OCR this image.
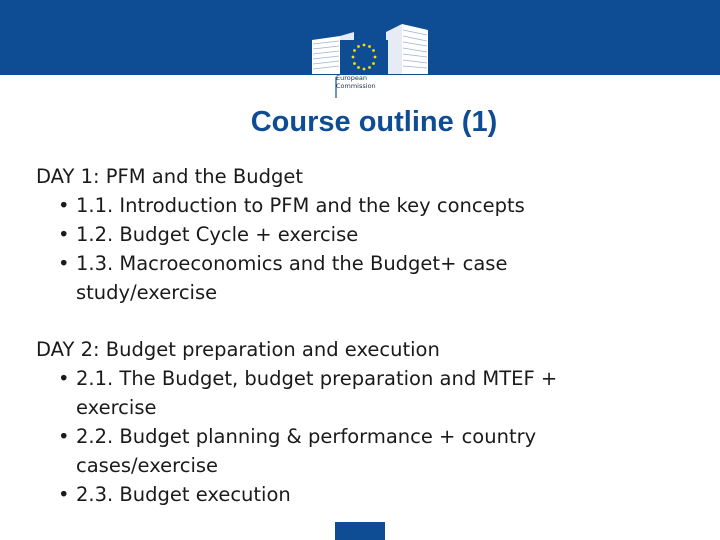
European
Commission
Course outline (1)

DAY 1: PFM and the Budget

• 1.1. Introduction to PFM and the key concepts
• 1.2. Budget Cycle + exercise
• 1.3. Macroeconomics and the Budget+ case
study/exercise

DAY 2: Budget preparation and execution

• 2.1. The Budget, budget preparation and MTEF +
exercise
• 2.2. Budget planning & performance + country
cases/exercise
• 2.3. Budget execution
